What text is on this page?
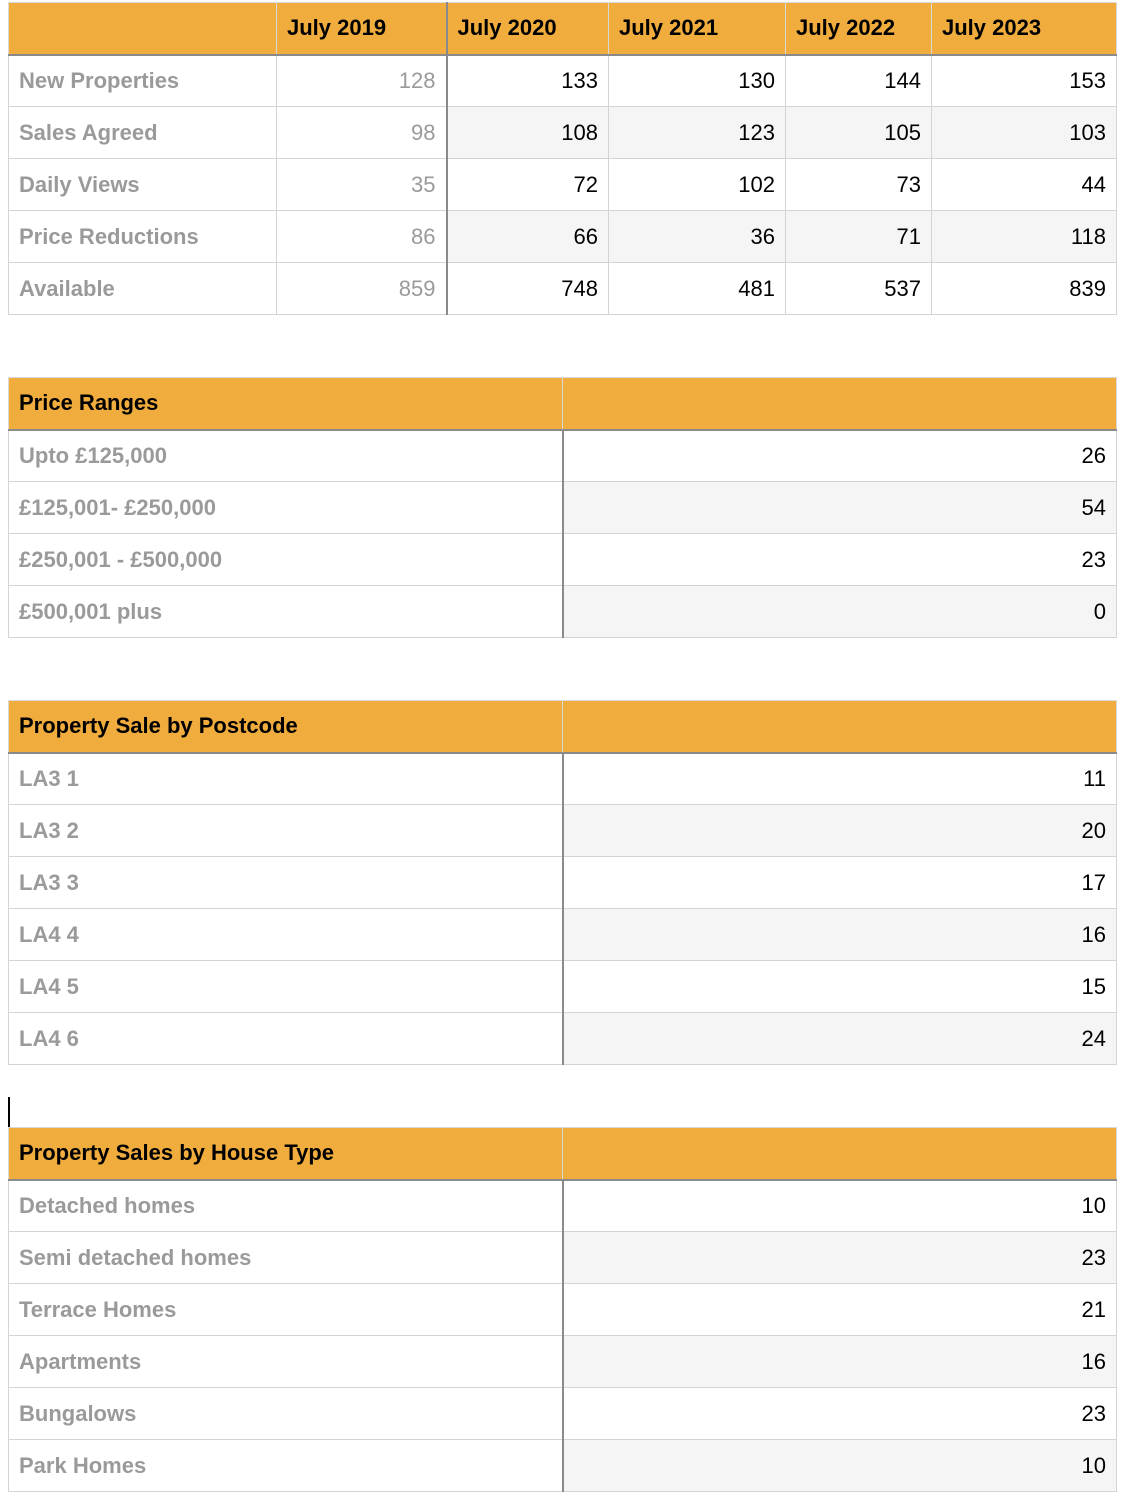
	July 2019	July 2020	July 2021	July 2022	July 2023
New Properties	128	133	130	144	153
Sales Agreed	98	108	123	105	103
Daily Views	35	72	102	73	44
Price Reductions	86	66	36	71	118
Available	859	748	481	537	839
Price Ranges	
Upto £125,000	26
£125,001- £250,000	54
£250,001 - £500,000	23
£500,001 plus	0
Property Sale by Postcode	
LA3 1	11
LA3 2	20
LA3 3	17
LA4 4	16
LA4 5	15
LA4 6	24
Property Sales by House Type	
Detached homes	10
Semi detached homes	23
Terrace Homes	21
Apartments	16
Bungalows	23
Park Homes	10
